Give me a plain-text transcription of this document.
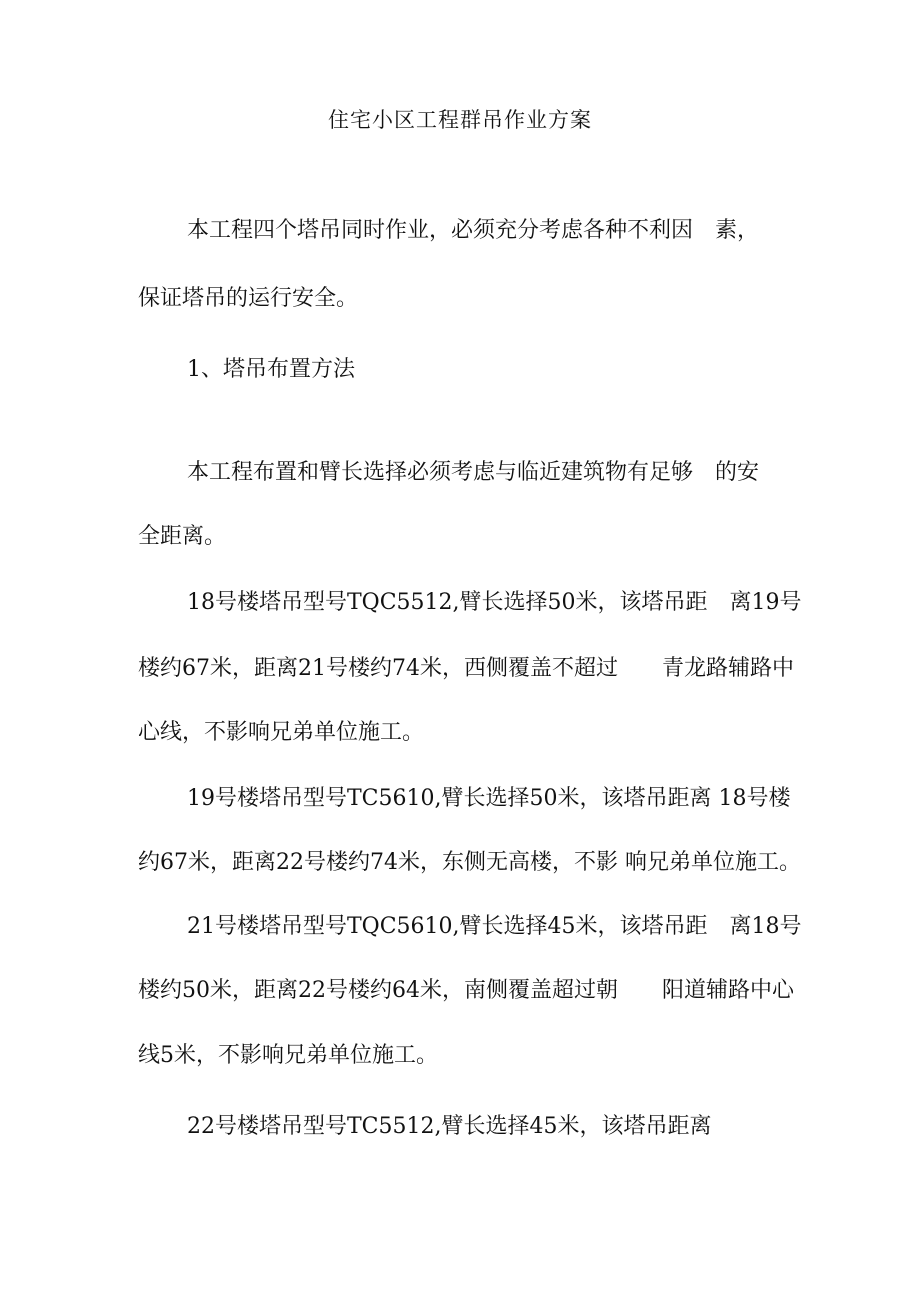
住宅小区工程群吊作业方案
本工程四个塔吊同时作业，必须充分考虑各种不利因　素，
保证塔吊的运行安全。
1、塔吊布置方法
本工程布置和臂长选择必须考虑与临近建筑物有足够　的安
全距离。
18号楼塔吊型号TQC5512,臂长选择50米，该塔吊距　离19号
楼约67米，距离21号楼约74米，西侧覆盖不超过　　青龙路辅路中
心线，不影响兄弟单位施工。
19号楼塔吊型号TC5610,臂长选择50米，该塔吊距离 18号楼
约67米，距离22号楼约74米，东侧无高楼，不影 响兄弟单位施工。
21号楼塔吊型号TQC5610,臂长选择45米，该塔吊距　离18号
楼约50米，距离22号楼约64米，南侧覆盖超过朝　　阳道辅路中心
线5米，不影响兄弟单位施工。
22号楼塔吊型号TC5512,臂长选择45米，该塔吊距离
